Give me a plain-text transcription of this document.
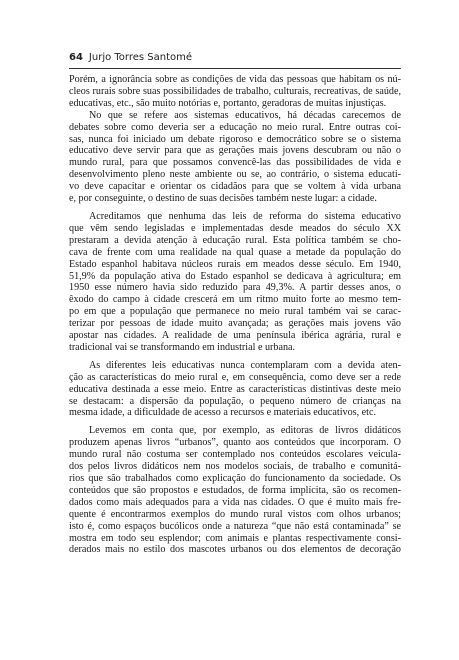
64 Jurjo Torres Santomé

Porém, a ignorância sobre as condições de vida das pessoas que habitam os nú-

cleos rurais sobre suas possibilidades de trabalho, culturais, recreativas, de saúde,

educativas, etc., são muito notórias e, portanto, geradoras de muitas injustiças.

No que se refere aos sistemas educativos, há décadas carecemos de

debates sobre como deveria ser a educação no meio rural. Entre outras coi-

sas, nunca foi iniciado um debate rigoroso e democrático sobre se o sistema

educativo deve servir para que as gerações mais jovens descubram ou não o

mundo rural, para que possamos convencê-las das possibilidades de vida e

desenvolvimento pleno neste ambiente ou se, ao contrário, o sistema educati-

vo deve capacitar e orientar os cidadãos para que se voltem à vida urbana

e, por conseguinte, o destino de suas decisões também neste lugar: a cidade.

Acreditamos que nenhuma das leis de reforma do sistema educativo

que vêm sendo legisladas e implementadas desde meados do século XX

prestaram a devida atenção à educação rural. Esta política também se cho-

cava de frente com uma realidade na qual quase a metade da população do

Estado espanhol habitava núcleos rurais em meados desse século. Em 1940,

51,9% da população ativa do Estado espanhol se dedicava à agricultura; em

1950 esse número havia sido reduzido para 49,3%. A partir desses anos, o

êxodo do campo à cidade crescerá em um ritmo muito forte ao mesmo tem-

po em que a população que permanece no meio rural também vai se carac-

terizar por pessoas de idade muito avançada; as gerações mais jovens vão

apostar nas cidades. A realidade de uma península ibérica agrária, rural e

tradicional vai se transformando em industrial e urbana.

As diferentes leis educativas nunca contemplaram com a devida aten-

ção as características do meio rural e, em consequência, como deve ser a rede

educativa destinada a esse meio. Entre as características distintivas deste meio

se destacam: a dispersão da população, o pequeno número de crianças na

mesma idade, a dificuldade de acesso a recursos e materiais educativos, etc.

Levemos em conta que, por exemplo, as editoras de livros didáticos

produzem apenas livros “urbanos”, quanto aos conteúdos que incorporam. O

mundo rural não costuma ser contemplado nos conteúdos escolares veicula-

dos pelos livros didáticos nem nos modelos sociais, de trabalho e comunitá-

rios que são trabalhados como explicação do funcionamento da sociedade. Os

conteúdos que são propostos e estudados, de forma implícita, são os recomen-

dados como mais adequados para a vida nas cidades. O que é muito mais fre-

quente é encontrarmos exemplos do mundo rural vistos com olhos urbanos;

isto é, como espaços bucólicos onde a natureza “que não está contaminada” se

mostra em todo seu esplendor; com animais e plantas respectivamente consi-

derados mais no estilo dos mascotes urbanos ou dos elementos de decoração
